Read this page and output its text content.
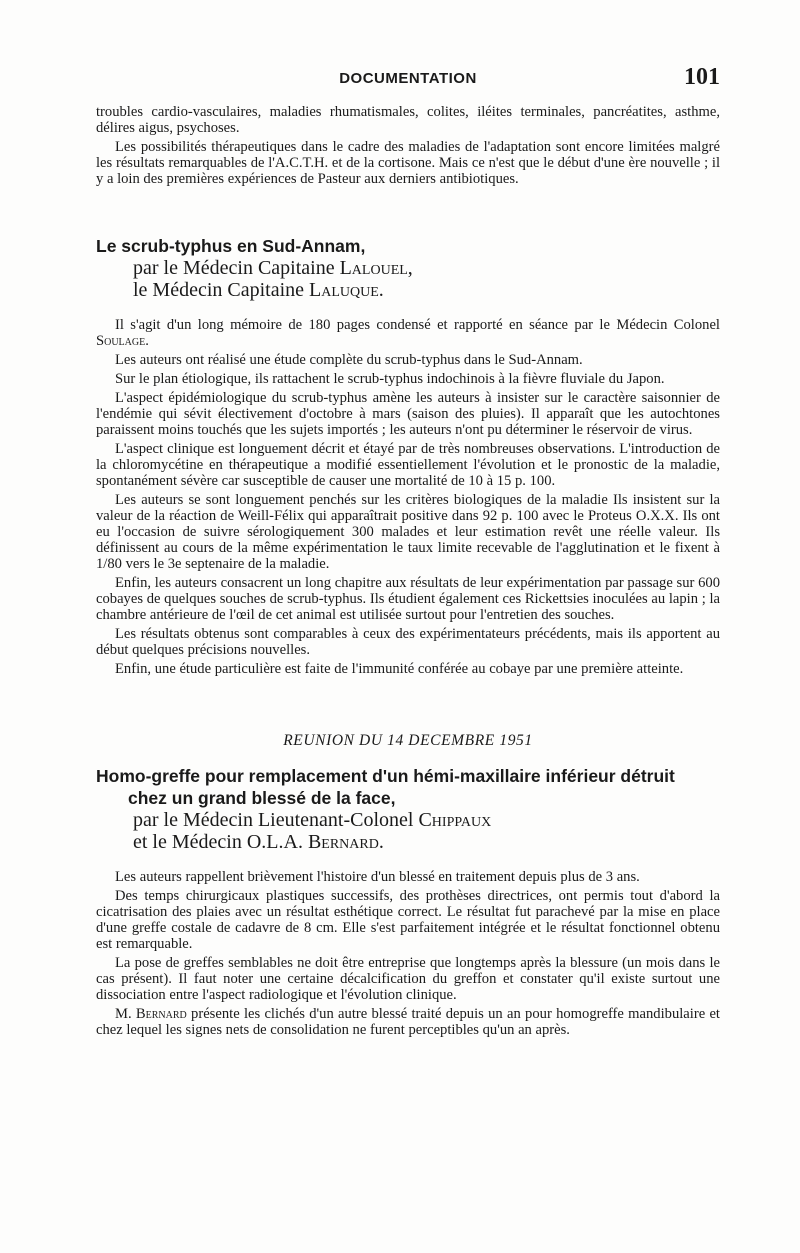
DOCUMENTATION	101

troubles cardio-vasculaires, maladies rhumatismales, colites, iléites terminales, pancréatites, asthme, délires aigus, psychoses.

Les possibilités thérapeutiques dans le cadre des maladies de l'adaptation sont encore limitées malgré les résultats remarquables de l'A.C.T.H. et de la cortisone. Mais ce n'est que le début d'une ère nouvelle ; il y a loin des premières expériences de Pasteur aux derniers antibiotiques.

Le scrub-typhus en Sud-Annam,
par le Médecin Capitaine Lalouel,
le Médecin Capitaine Laluque.

Il s'agit d'un long mémoire de 180 pages condensé et rapporté en séance par le Médecin Colonel Soulage.

Les auteurs ont réalisé une étude complète du scrub-typhus dans le Sud-Annam.

Sur le plan étiologique, ils rattachent le scrub-typhus indochinois à la fièvre fluviale du Japon.

L'aspect épidémiologique du scrub-typhus amène les auteurs à insister sur le caractère saisonnier de l'endémie qui sévit électivement d'octobre à mars (saison des pluies). Il apparaît que les autochtones paraissent moins touchés que les sujets importés ; les auteurs n'ont pu déterminer le réservoir de virus.

L'aspect clinique est longuement décrit et étayé par de très nombreuses observations. L'introduction de la chloromycétine en thérapeutique a modifié essentiellement l'évolution et le pronostic de la maladie, spontanément sévère car susceptible de causer une mortalité de 10 à 15 p. 100.

Les auteurs se sont longuement penchés sur les critères biologiques de la maladie Ils insistent sur la valeur de la réaction de Weill-Félix qui apparaîtrait positive dans 92 p. 100 avec le Proteus O.X.X. Ils ont eu l'occasion de suivre sérologiquement 300 malades et leur estimation revêt une réelle valeur. Ils définissent au cours de la même expérimentation le taux limite recevable de l'agglutination et le fixent à 1/80 vers le 3e septenaire de la maladie.

Enfin, les auteurs consacrent un long chapitre aux résultats de leur expérimentation par passage sur 600 cobayes de quelques souches de scrub-typhus. Ils étudient également ces Rickettsies inoculées au lapin ; la chambre antérieure de l'œil de cet animal est utilisée surtout pour l'entretien des souches.

Les résultats obtenus sont comparables à ceux des expérimentateurs précédents, mais ils apportent au début quelques précisions nouvelles.

Enfin, une étude particulière est faite de l'immunité conférée au cobaye par une première atteinte.

REUNION DU 14 DECEMBRE 1951
Homo-greffe pour remplacement d'un hémi-maxillaire inférieur détruit
chez un grand blessé de la face,
par le Médecin Lieutenant-Colonel Chippaux
et le Médecin O.L.A. Bernard.

Les auteurs rappellent brièvement l'histoire d'un blessé en traitement depuis plus de 3 ans.

Des temps chirurgicaux plastiques successifs, des prothèses directrices, ont permis tout d'abord la cicatrisation des plaies avec un résultat esthétique correct. Le résultat fut parachevé par la mise en place d'une greffe costale de cadavre de 8 cm. Elle s'est parfaitement intégrée et le résultat fonctionnel obtenu est remarquable.

La pose de greffes semblables ne doit être entreprise que longtemps après la blessure (un mois dans le cas présent). Il faut noter une certaine décalcification du greffon et constater qu'il existe surtout une dissociation entre l'aspect radiologique et l'évolution clinique.

M. Bernard présente les clichés d'un autre blessé traité depuis un an pour homogreffe mandibulaire et chez lequel les signes nets de consolidation ne furent perceptibles qu'un an après.
